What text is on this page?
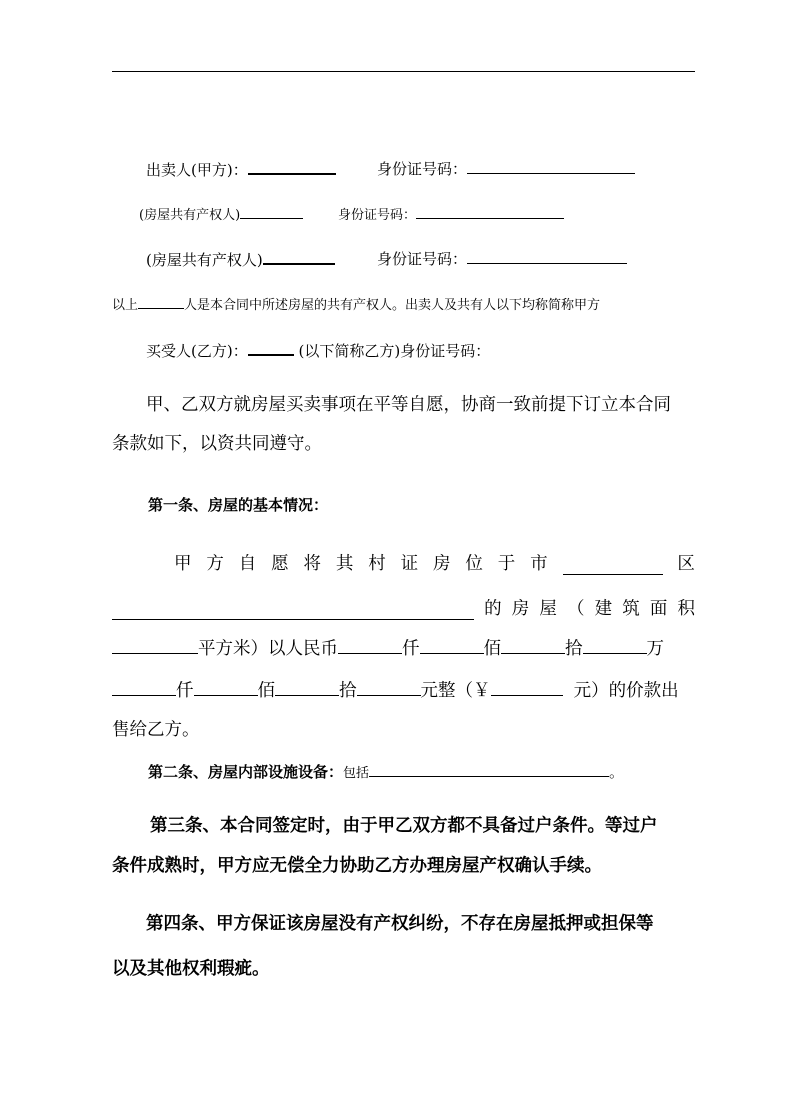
出卖人(甲方)：	身份证号码：
(房屋共有产权人)	身份证号码：
(房屋共有产权人)	身份证号码：
以上	人是本合同中所述房屋的共有产权人。出卖人及共有人以下均称简称甲方
买受人(乙方)：	(以下简称乙方)身份证号码：
甲、乙双方就房屋买卖事项在平等自愿，协商一致前提下订立本合同
条款如下，以资共同遵守。
第一条、房屋的基本情况：
甲 方 自 愿 将 其 村 证 房 位 于 市	区
的 房 屋 （ 建 筑 面 积
平方米）以人民币	仟	佰	拾	万
仟	佰	拾	元整（￥	元）的价款出
售给乙方。
第二条、房屋内部设施设备：包括	。
第三条、本合同签定时，由于甲乙双方都不具备过户条件。等过户
条件成熟时，甲方应无偿全力协助乙方办理房屋产权确认手续。
第四条、甲方保证该房屋没有产权纠纷，不存在房屋抵押或担保等
以及其他权利瑕疵。
